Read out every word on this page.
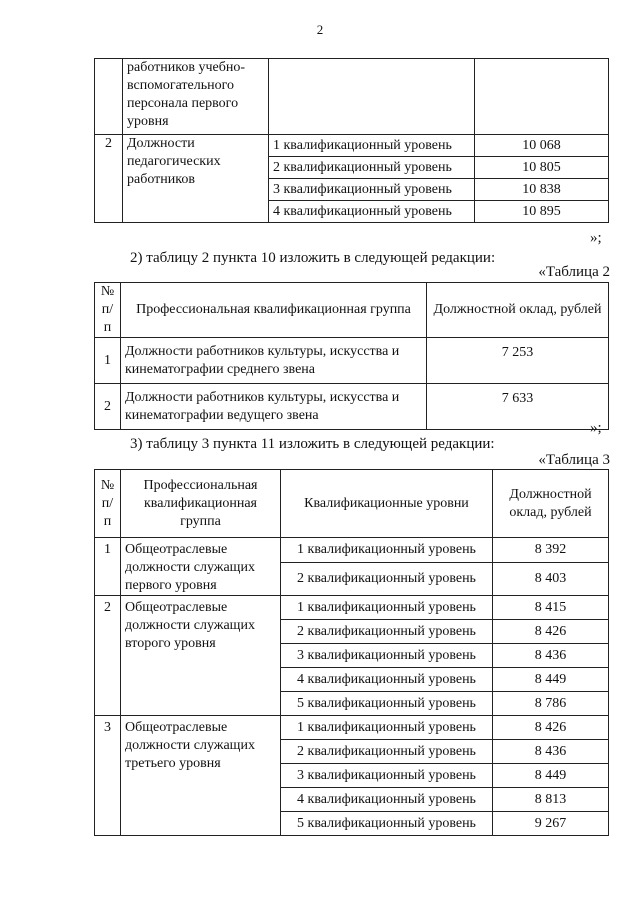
2
	работников учебно-вспомогательного персонала первого уровня		
2	Должности педагогических работников	1 квалификационный уровень	10 068
		2 квалификационный уровень	10 805
		3 квалификационный уровень	10 838
		4 квалификационный уровень	10 895
»;
2) таблицу 2 пункта 10 изложить в следующей редакции:
«Таблица 2
№ п/п	Профессиональная квалификационная группа	Должностной оклад, рублей
1	Должности работников культуры, искусства и кинематографии среднего звена	7 253
2	Должности работников культуры, искусства и кинематографии ведущего звена	7 633
»;
3) таблицу 3 пункта 11 изложить в следующей редакции:
«Таблица 3
№ п/п	Профессиональная квалификационная группа	Квалификационные уровни	Должностной оклад, рублей
1	Общеотраслевые должности служащих первого уровня	1 квалификационный уровень	8 392
		2 квалификационный уровень	8 403
2	Общеотраслевые должности служащих второго уровня	1 квалификационный уровень	8 415
		2 квалификационный уровень	8 426
		3 квалификационный уровень	8 436
		4 квалификационный уровень	8 449
		5 квалификационный уровень	8 786
3	Общеотраслевые должности служащих третьего уровня	1 квалификационный уровень	8 426
		2 квалификационный уровень	8 436
		3 квалификационный уровень	8 449
		4 квалификационный уровень	8 813
		5 квалификационный уровень	9 267
